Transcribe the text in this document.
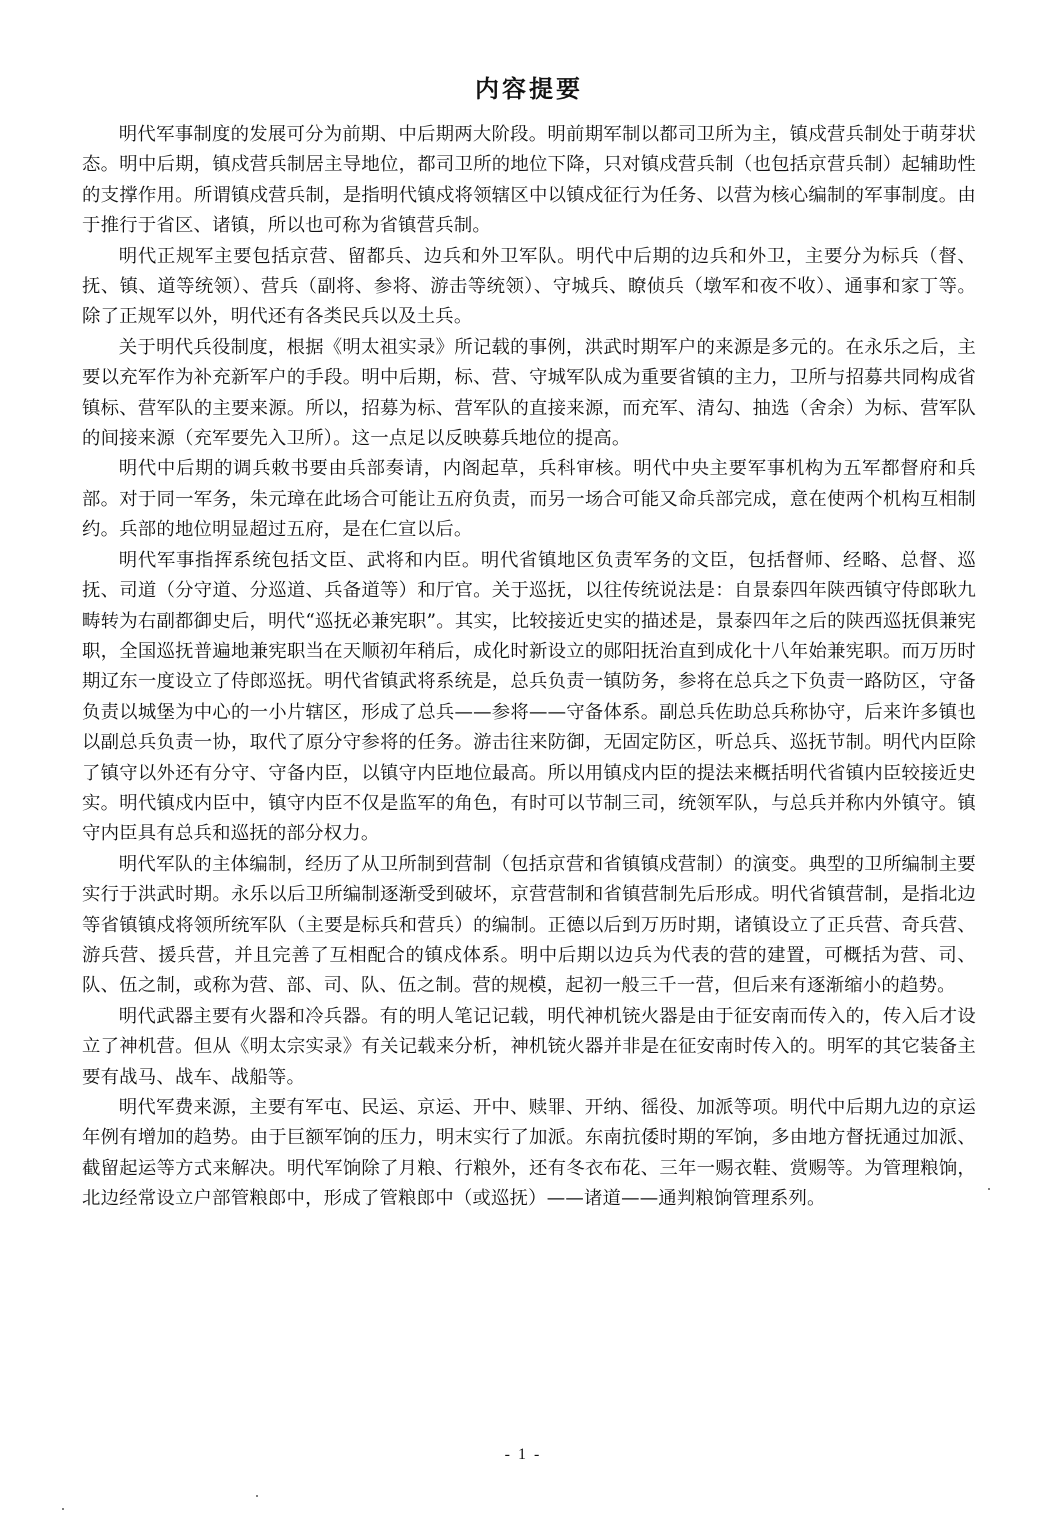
内容提要

明代军事制度的发展可分为前期、中后期两大阶段。明前期军制以都司卫所为主，镇戍营兵制处于萌芽状态。明中后期，镇戍营兵制居主导地位，都司卫所的地位下降，只对镇戍营兵制（也包括京营兵制）起辅助性的支撑作用。所谓镇戍营兵制，是指明代镇戍将领辖区中以镇戍征行为任务、以营为核心编制的军事制度。由于推行于省区、诸镇，所以也可称为省镇营兵制。

明代正规军主要包括京营、留都兵、边兵和外卫军队。明代中后期的边兵和外卫，主要分为标兵（督、抚、镇、道等统领）、营兵（副将、参将、游击等统领）、守城兵、瞭侦兵（墩军和夜不收）、通事和家丁等。除了正规军以外，明代还有各类民兵以及土兵。

关于明代兵役制度，根据《明太祖实录》所记载的事例，洪武时期军户的来源是多元的。在永乐之后，主要以充军作为补充新军户的手段。明中后期，标、营、守城军队成为重要省镇的主力，卫所与招募共同构成省镇标、营军队的主要来源。所以，招募为标、营军队的直接来源，而充军、清勾、抽选（舍余）为标、营军队的间接来源（充军要先入卫所）。这一点足以反映募兵地位的提高。

明代中后期的调兵敕书要由兵部奏请，内阁起草，兵科审核。明代中央主要军事机构为五军都督府和兵部。对于同一军务，朱元璋在此场合可能让五府负责，而另一场合可能又命兵部完成，意在使两个机构互相制约。兵部的地位明显超过五府，是在仁宣以后。

明代军事指挥系统包括文臣、武将和内臣。明代省镇地区负责军务的文臣，包括督师、经略、总督、巡抚、司道（分守道、分巡道、兵备道等）和厅官。关于巡抚，以往传统说法是：自景泰四年陕西镇守侍郎耿九畴转为右副都御史后，明代“巡抚必兼宪职”。其实，比较接近史实的描述是，景泰四年之后的陕西巡抚俱兼宪职，全国巡抚普遍地兼宪职当在天顺初年稍后，成化时新设立的郧阳抚治直到成化十八年始兼宪职。而万历时期辽东一度设立了侍郎巡抚。明代省镇武将系统是，总兵负责一镇防务，参将在总兵之下负责一路防区，守备负责以城堡为中心的一小片辖区，形成了总兵——参将——守备体系。副总兵佐助总兵称协守，后来许多镇也以副总兵负责一协，取代了原分守参将的任务。游击往来防御，无固定防区，听总兵、巡抚节制。明代内臣除了镇守以外还有分守、守备内臣，以镇守内臣地位最高。所以用镇戍内臣的提法来概括明代省镇内臣较接近史实。明代镇戍内臣中，镇守内臣不仅是监军的角色，有时可以节制三司，统领军队，与总兵并称内外镇守。镇守内臣具有总兵和巡抚的部分权力。

明代军队的主体编制，经历了从卫所制到营制（包括京营和省镇镇戍营制）的演变。典型的卫所编制主要实行于洪武时期。永乐以后卫所编制逐渐受到破坏，京营营制和省镇营制先后形成。明代省镇营制，是指北边等省镇镇戍将领所统军队（主要是标兵和营兵）的编制。正德以后到万历时期，诸镇设立了正兵营、奇兵营、游兵营、援兵营，并且完善了互相配合的镇戍体系。明中后期以边兵为代表的营的建置，可概括为营、司、队、伍之制，或称为营、部、司、队、伍之制。营的规模，起初一般三千一营，但后来有逐渐缩小的趋势。

明代武器主要有火器和冷兵器。有的明人笔记记载，明代神机铳火器是由于征安南而传入的，传入后才设立了神机营。但从《明太宗实录》有关记载来分析，神机铳火器并非是在征安南时传入的。明军的其它装备主要有战马、战车、战船等。

明代军费来源，主要有军屯、民运、京运、开中、赎罪、开纳、徭役、加派等项。明代中后期九边的京运年例有增加的趋势。由于巨额军饷的压力，明末实行了加派。东南抗倭时期的军饷，多由地方督抚通过加派、截留起运等方式来解决。明代军饷除了月粮、行粮外，还有冬衣布花、三年一赐衣鞋、赏赐等。为管理粮饷，北边经常设立户部管粮郎中，形成了管粮郎中（或巡抚）——诸道——通判粮饷管理系列。

- 1 -
